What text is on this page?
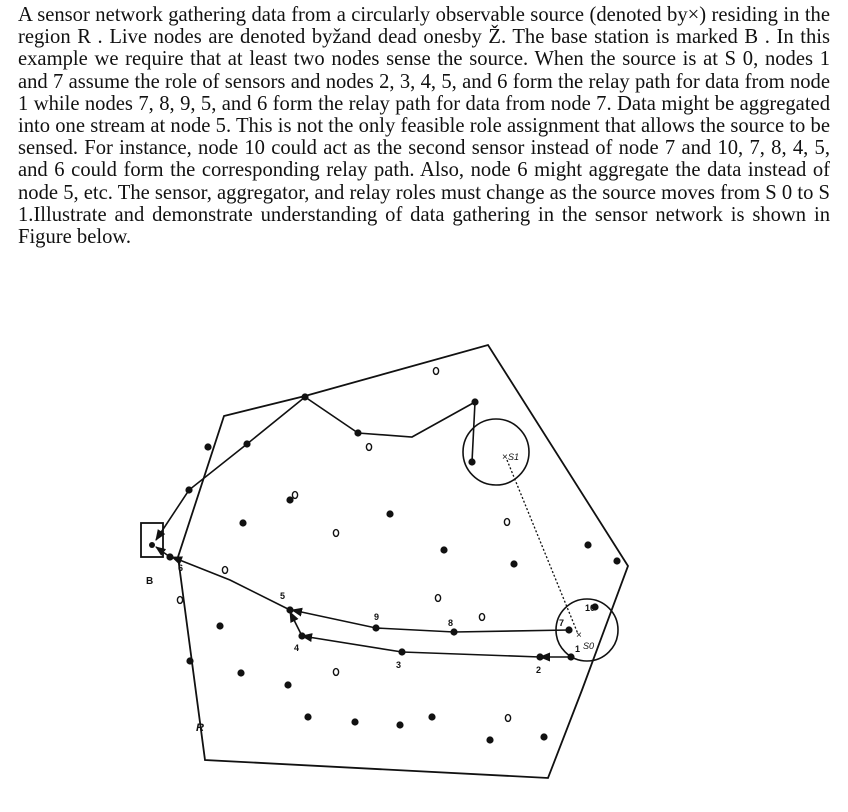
A sensor network gathering data from a circularly observable source (denoted by×) residing in the region R . Live nodes are denoted byžand dead onesby Ž. The base station is marked B . In this example we require that at least two nodes sense the source. When the source is at S 0, nodes 1 and 7 assume the role of sensors and nodes 2, 3, 4, 5, and 6 form the relay path for data from node 1 while nodes 7, 8, 9, 5, and 6 form the relay path for data from node 7. Data might be aggregated into one stream at node 5. This is not the only feasible role assignment that allows the source to be sensed. For instance, node 10 could act as the second sensor instead of node 7 and 10, 7, 8, 4, 5, and 6 could form the corresponding relay path. Also, node 6 might aggregate the data instead of node 5, etc. The sensor, aggregator, and relay roles must change as the source moves from S 0 to S 1.Illustrate and demonstrate understanding of data gathering in the sensor network is shown in Figure below.

B
R
× S1
×
S0
1
2
3
4
5
6
7
8
9
10
